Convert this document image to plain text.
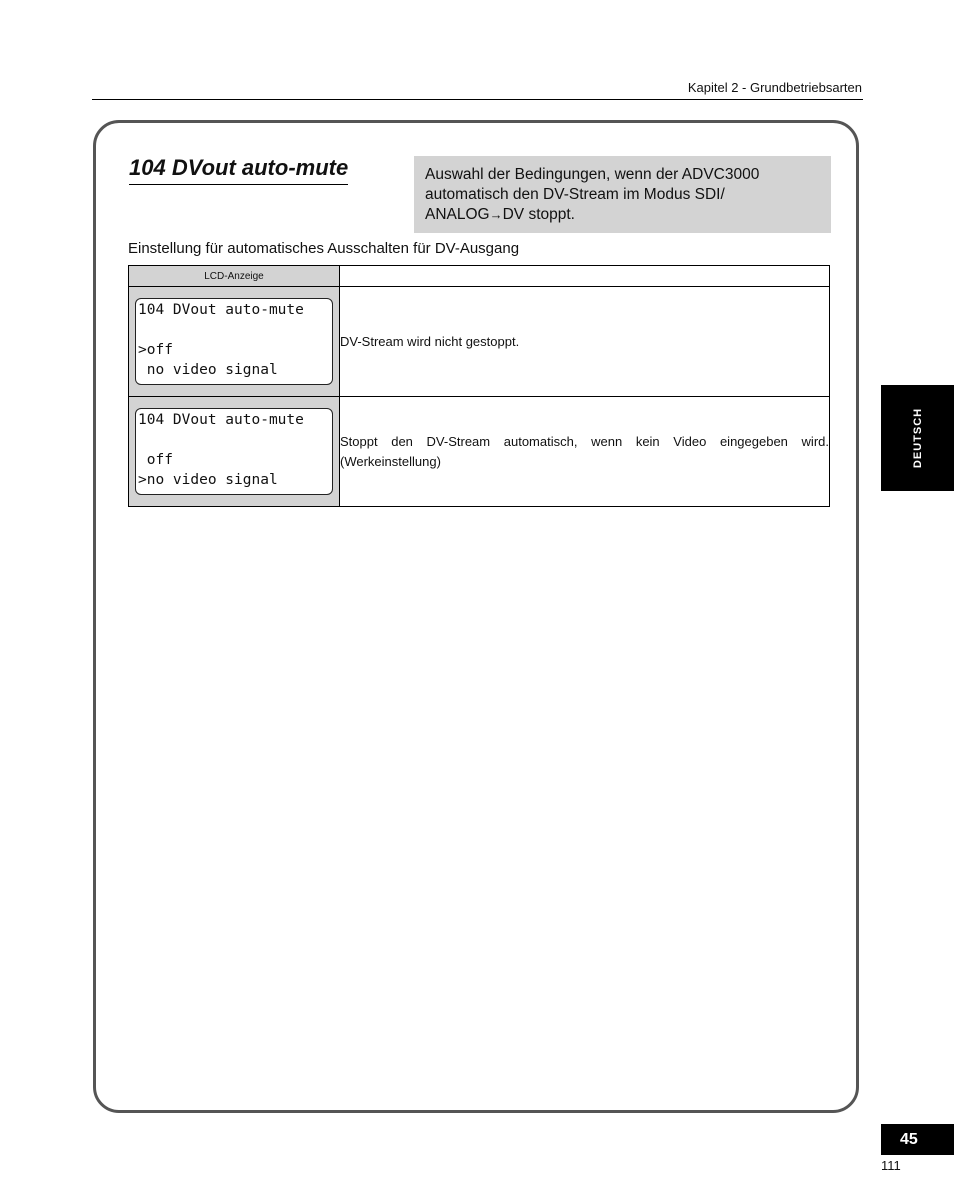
Kapitel 2 - Grundbetriebsarten
104 DVout auto-mute	Auswahl der Bedingungen, wenn der ADVC3000
automatisch den DV-Stream im Modus SDI/
ANALOG→DV stoppt.
Einstellung für automatisches Ausschalten für DV-Ausgang
LCD-Anzeige	

104 DVout auto-mute

>off
no video signal	DV-Stream wird nicht gestoppt.

104 DVout auto-mute

off
>no video signal	Stoppt den DV-Stream automatisch, wenn kein Video eingegeben wird. (Werkeinstellung)	DEUTSCH
45
111
